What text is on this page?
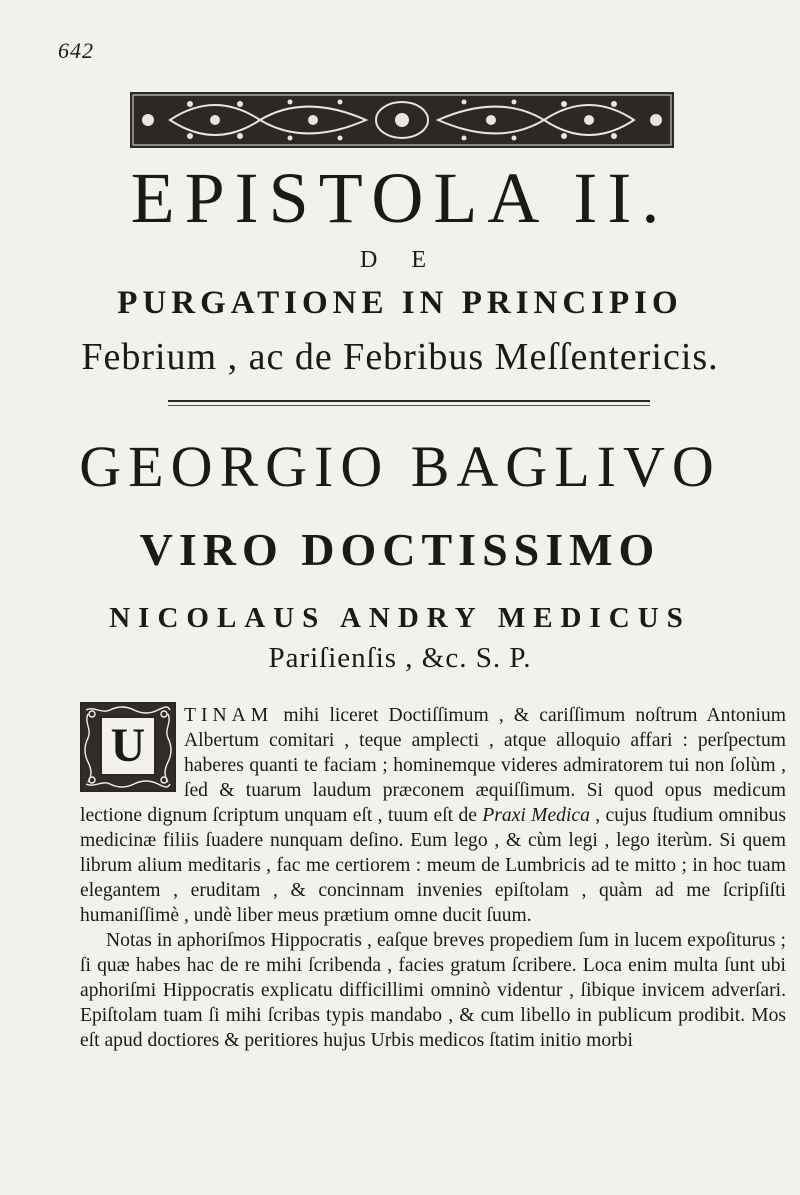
642
EPISTOLA II.
D E
PURGATIONE IN PRINCIPIO
Febrium , ac de Febribus Meſſentericis.
GEORGIO BAGLIVO
VIRO DOCTISSIMO
NICOLAUS ANDRY MEDICUS
Pariſienſis , &c. S. P.
U

TINAM mihi liceret Doctiſſimum , & cariſſimum noſtrum Antonium Albertum comitari , teque amplecti , atque alloquio affari : perſpectum haberes quanti te faciam ; hominemque videres admiratorem tui non ſolùm , ſed & tuarum laudum præconem æquiſſimum. Si quod opus medicum lectione dignum ſcriptum unquam eſt , tuum eſt de Praxi Medica , cujus ſtudium omnibus medicinæ filiis ſuadere nunquam deſino. Eum lego , & cùm legi , lego iterùm. Si quem librum alium meditaris , fac me certiorem : meum de Lumbricis ad te mitto ; in hoc tuam elegantem , eruditam , & concinnam invenies epiſtolam , quàm ad me ſcripſiſti humaniſſimè , undè liber meus prætium omne ducit ſuum.

Notas in aphoriſmos Hippocratis , eaſque breves propediem ſum in lucem expoſiturus ; ſi quæ habes hac de re mihi ſcribenda , facies gratum ſcribere. Loca enim multa ſunt ubi aphoriſmi Hippocratis explicatu difficillimi omninò videntur , ſibique invicem adverſari. Epiſtolam tuam ſi mihi ſcribas typis mandabo , & cum libello in publicum prodibit. Mos eſt apud doctiores & peritiores hujus Urbis medicos ſtatim initio morbi
